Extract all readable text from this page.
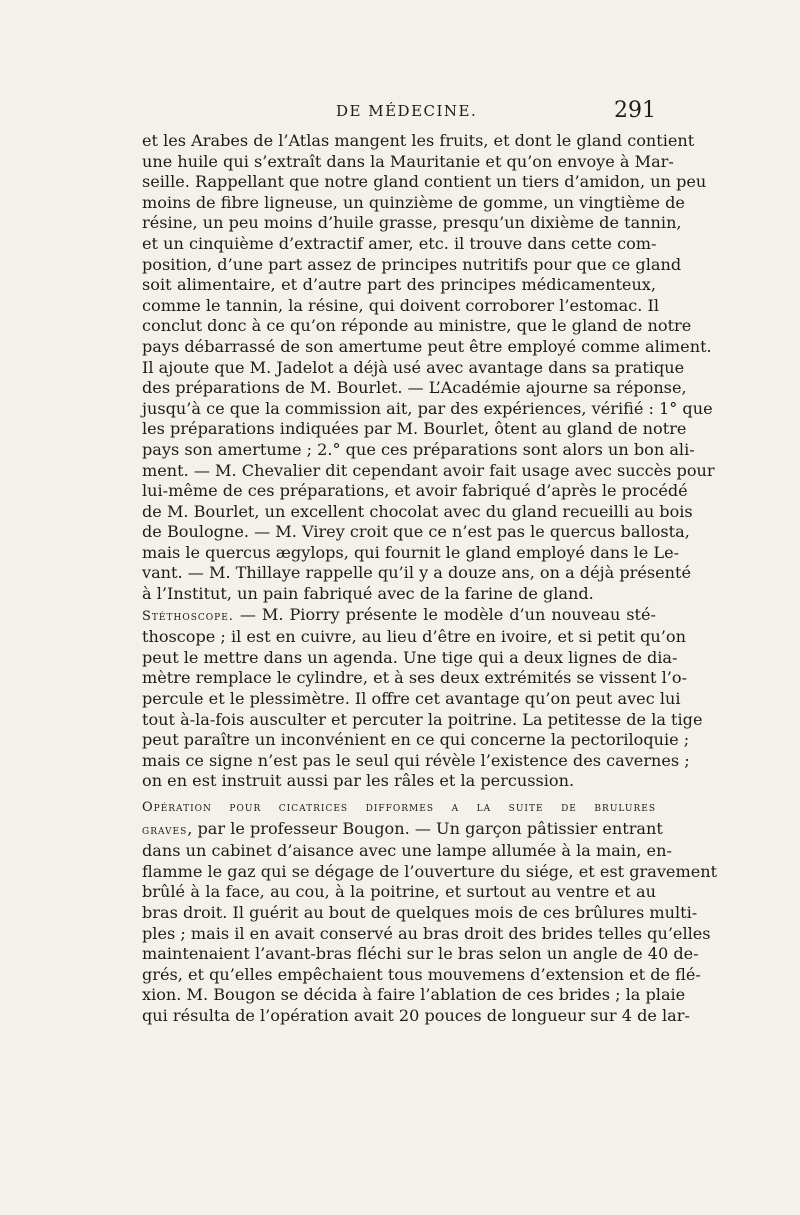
DE MÉDECINE.	291
et les Arabes de l’Atlas mangent les fruits, et dont le gland contient
une huile qui s’extraît dans la Mauritanie et qu’on envoye à Mar-
seille. Rappellant que notre gland contient un tiers d’amidon, un peu
moins de fibre ligneuse, un quinzième de gomme, un vingtième de
résine, un peu moins d’huile grasse, presqu’un dixième de tannin,
et un cinquième d’extractif amer, etc. il trouve dans cette com-
position, d’une part assez de principes nutritifs pour que ce gland
soit alimentaire, et d’autre part des principes médicamenteux,
comme le tannin, la résine, qui doivent corroborer l’estomac. Il
conclut donc à ce qu’on réponde au ministre, que le gland de notre
pays débarrassé de son amertume peut être employé comme aliment.
Il ajoute que M. Jadelot a déjà usé avec avantage dans sa pratique
des préparations de M. Bourlet. — L’Académie ajourne sa réponse,
jusqu’à ce que la commission ait, par des expériences, vérifié : 1° que
les préparations indiquées par M. Bourlet, ôtent au gland de notre
pays son amertume ; 2.° que ces préparations sont alors un bon ali-
ment. — M. Chevalier dit cependant avoir fait usage avec succès pour
lui-même de ces préparations, et avoir fabriqué d’après le procédé
de M. Bourlet, un excellent chocolat avec du gland recueilli au bois
de Boulogne. — M. Virey croit que ce n’est pas le quercus ballosta,
mais le quercus ægylops, qui fournit le gland employé dans le Le-
vant. — M. Thillaye rappelle qu’il y a douze ans, on a déjà présenté
à l’Institut, un pain fabriqué avec de la farine de gland.
Stéthoscope. — M. Piorry présente le modèle d’un nouveau sté-
thoscope ; il est en cuivre, au lieu d’être en ivoire, et si petit qu’on
peut le mettre dans un agenda. Une tige qui a deux lignes de dia-
mètre remplace le cylindre, et à ses deux extrémités se vissent l’o-
percule et le plessimètre. Il offre cet avantage qu’on peut avec lui
tout à-la-fois ausculter et percuter la poitrine. La petitesse de la tige
peut paraître un inconvénient en ce qui concerne la pectoriloquie ;
mais ce signe n’est pas le seul qui révèle l’existence des cavernes ;
on en est instruit aussi par les râles et la percussion.
Opération pour cicatrices difformes a la suite de brulures
graves, par le professeur Bougon. — Un garçon pâtissier entrant
dans un cabinet d’aisance avec une lampe allumée à la main, en-
flamme le gaz qui se dégage de l’ouverture du siége, et est gravement
brûlé à la face, au cou, à la poitrine, et surtout au ventre et au
bras droit. Il guérit au bout de quelques mois de ces brûlures multi-
ples ; mais il en avait conservé au bras droit des brides telles qu’elles
maintenaient l’avant-bras fléchi sur le bras selon un angle de 40 de-
grés, et qu’elles empêchaient tous mouvemens d’extension et de flé-
xion. M. Bougon se décida à faire l’ablation de ces brides ; la plaie
qui résulta de l’opération avait 20 pouces de longueur sur 4 de lar-
